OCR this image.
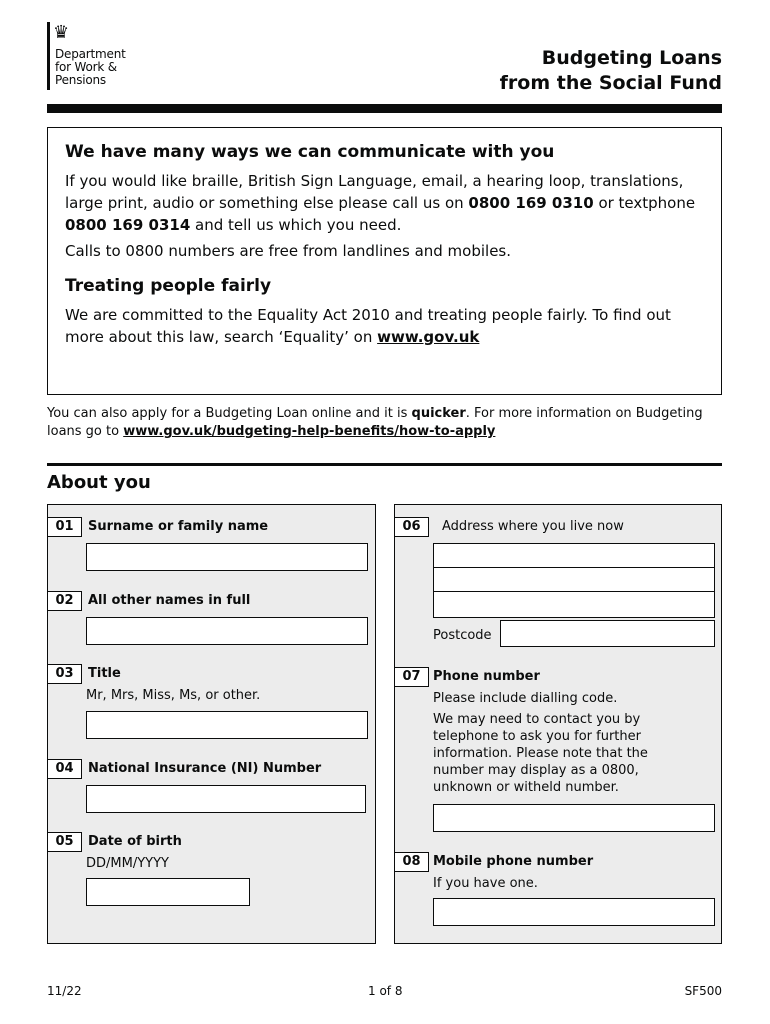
♛
Department
for Work &
Pensions
Budgeting Loans
from the Social Fund
We have many ways we can communicate with you

If you would like braille, British Sign Language, email, a hearing loop, translations, large print, audio or something else please call us on 0800 169 0310 or textphone 0800 169 0314 and tell us which you need.

Calls to 0800 numbers are free from landlines and mobiles.

Treating people fairly

We are committed to the Equality Act 2010 and treating people fairly. To find out more about this law, search ‘Equality’ on www.gov.uk

You can also apply for a Budgeting Loan online and it is quicker. For more information on Budgeting loans go to www.gov.uk/budgeting-help-benefits/how-to-apply
About you
01	Surname or family name
02	All other names in full
03	Title
Mr, Mrs, Miss, Ms, or other.
04	National Insurance (NI) Number
05	Date of birth
DD/MM/YYYY
06	Address where you live now
Postcode
07 Phone number
Please include dialling code.
We may need to contact you by telephone to ask you for further information. Please note that the number may display as a 0800, unknown or witheld number.
08 Mobile phone number
If you have one.
11/22	1 of 8	SF500
